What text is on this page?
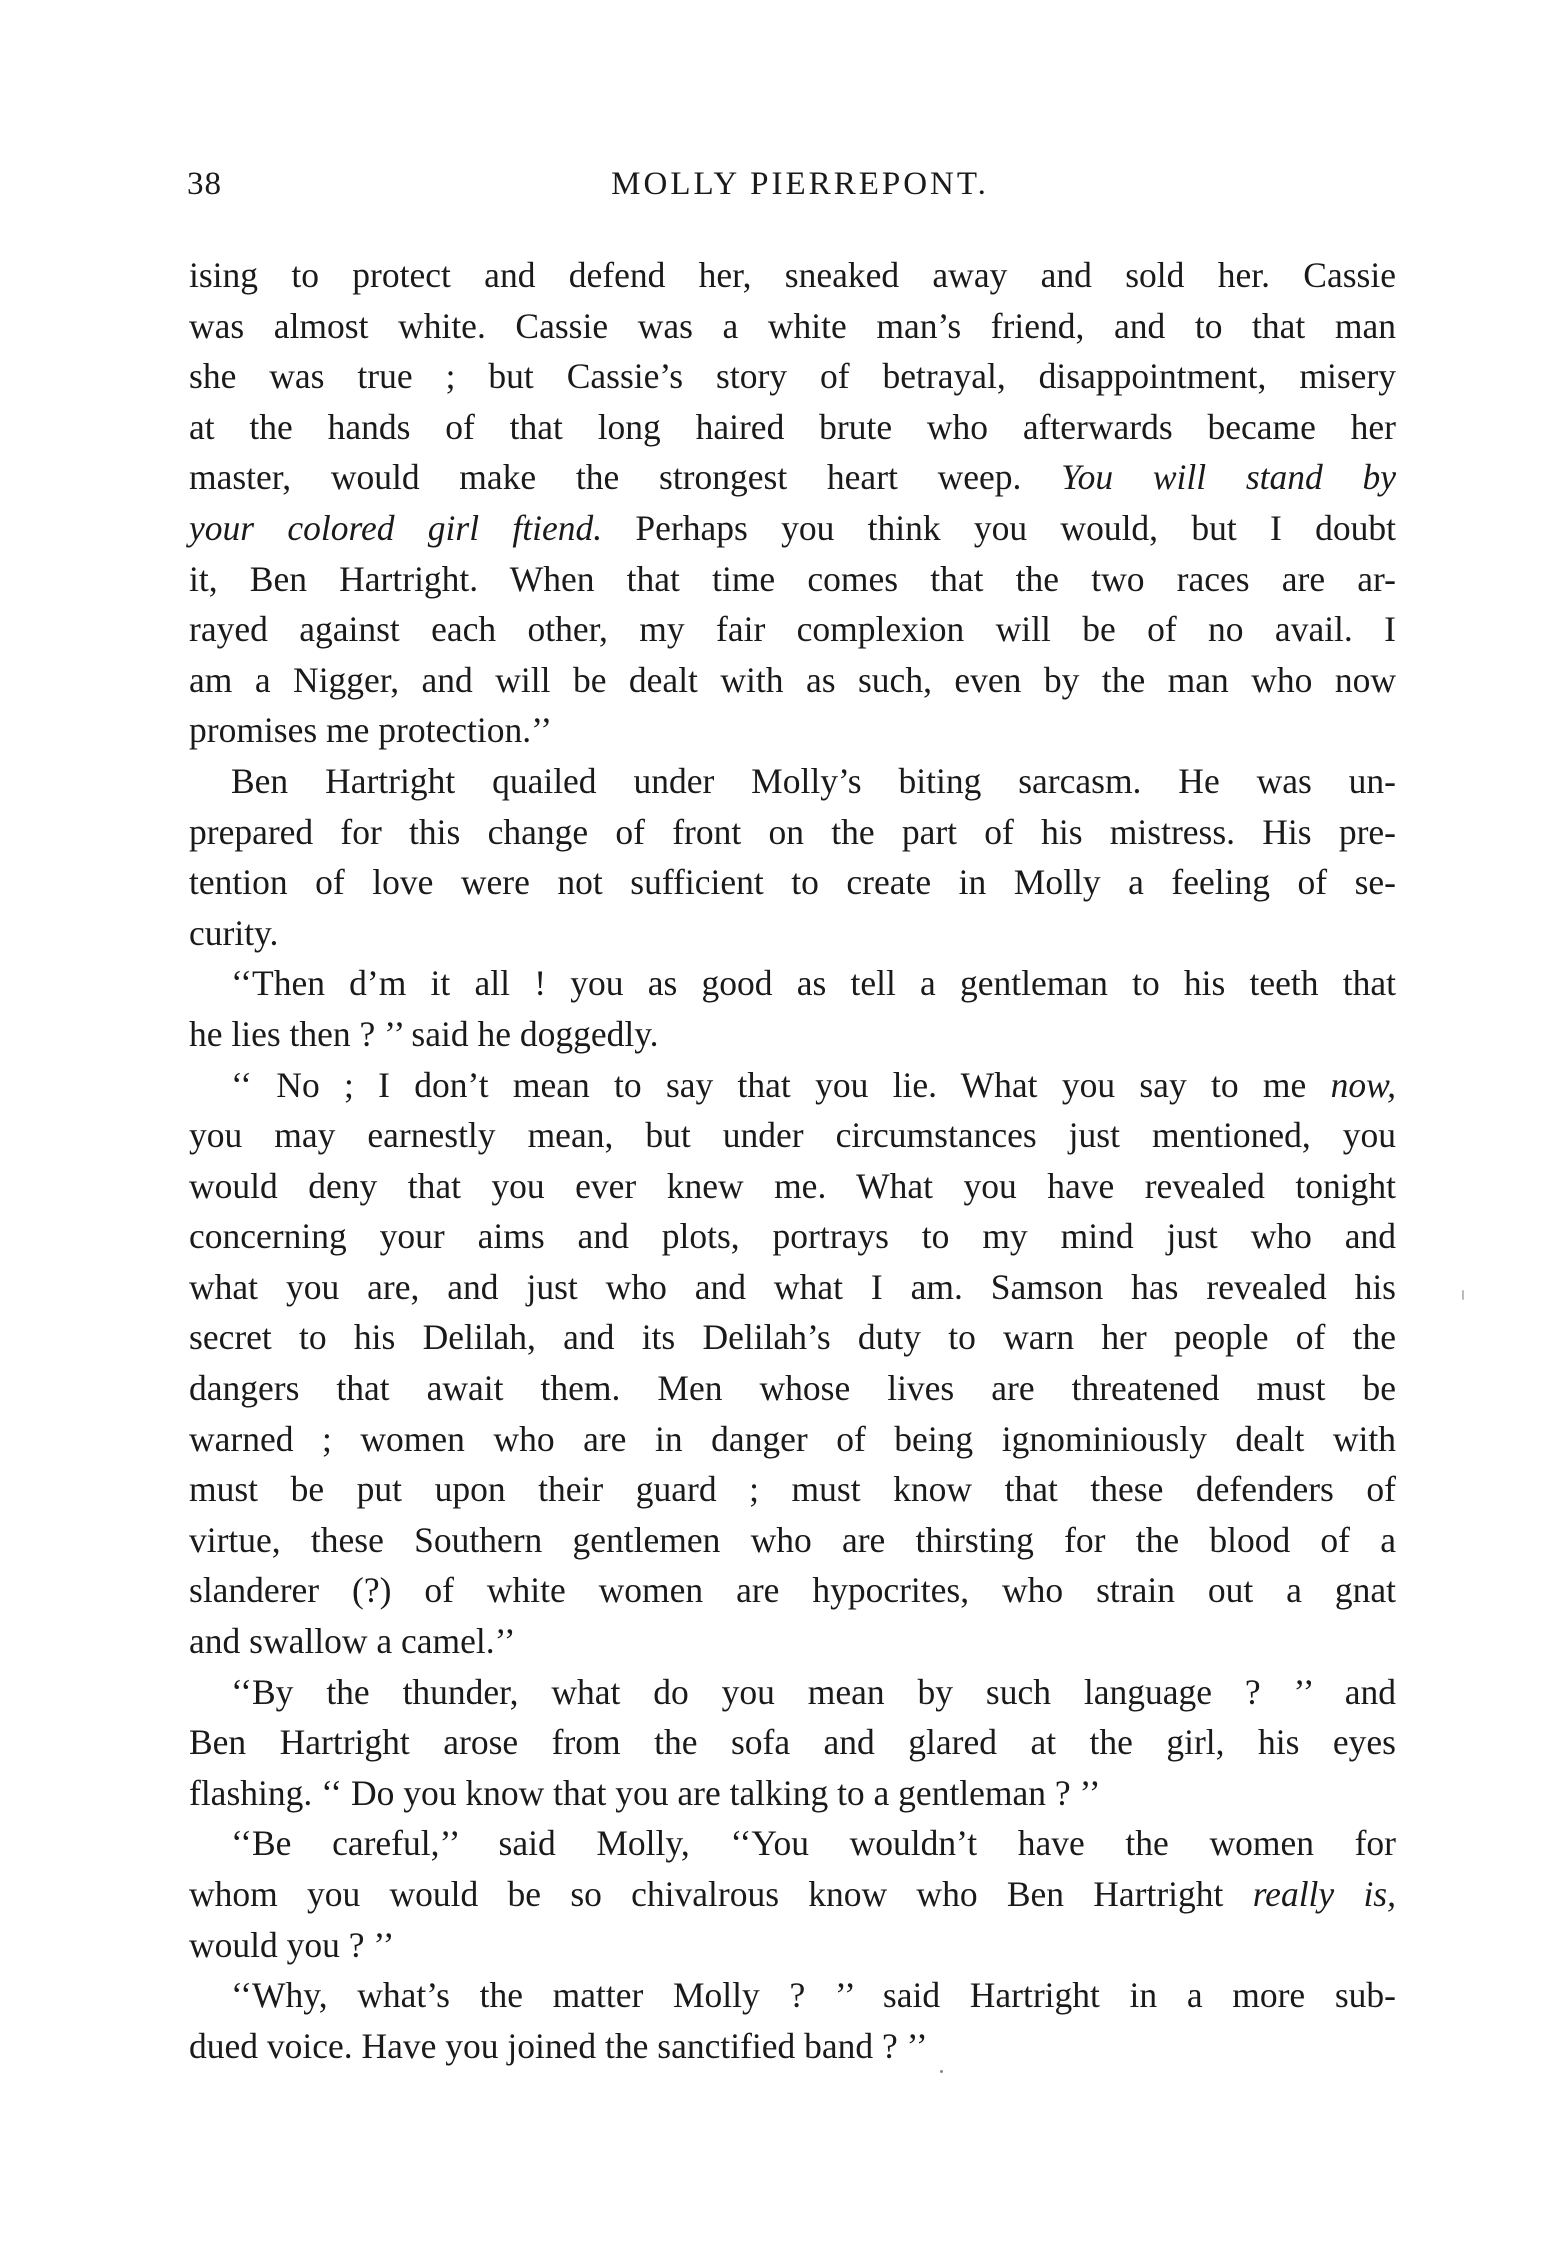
38	MOLLY PIERREPONT.
ising to protect and defend her, sneaked away and sold her. Cassie
was almost white. Cassie was a white man’s friend, and to that man
she was true ; but Cassie’s story of betrayal, disappointment, misery
at the hands of that long haired brute who afterwards became her
master, would make the strongest heart weep. You will stand by
your colored girl ftiend. Perhaps you think you would, but I doubt
it, Ben Hartright. When that time comes that the two races are ar-
rayed against each other, my fair complexion will be of no avail. I
am a Nigger, and will be dealt with as such, even by the man who now
promises me protection.’’
Ben Hartright quailed under Molly’s biting sarcasm. He was un-
prepared for this change of front on the part of his mistress. His pre-
tention of love were not sufficient to create in Molly a feeling of se-
curity.
‘‘Then d’m it all ! you as good as tell a gentleman to his teeth that
he lies then ? ’’ said he doggedly.
‘‘ No ; I don’t mean to say that you lie. What you say to me now,
you may earnestly mean, but under circumstances just mentioned, you
would deny that you ever knew me. What you have revealed tonight
concerning your aims and plots, portrays to my mind just who and
what you are, and just who and what I am. Samson has revealed his
secret to his Delilah, and its Delilah’s duty to warn her people of the
dangers that await them. Men whose lives are threatened must be
warned ; women who are in danger of being ignominiously dealt with
must be put upon their guard ; must know that these defenders of
virtue, these Southern gentlemen who are thirsting for the blood of a
slanderer (?) of white women are hypocrites, who strain out a gnat
and swallow a camel.’’
‘‘By the thunder, what do you mean by such language ? ’’ and
Ben Hartright arose from the sofa and glared at the girl, his eyes
flashing. ‘‘ Do you know that you are talking to a gentleman ? ’’
‘‘Be careful,’’ said Molly, ‘‘You wouldn’t have the women for
whom you would be so chivalrous know who Ben Hartright really is,
would you ? ’’
‘‘Why, what’s the matter Molly ? ’’ said Hartright in a more sub-
dued voice. Have you joined the sanctified band ? ’’
